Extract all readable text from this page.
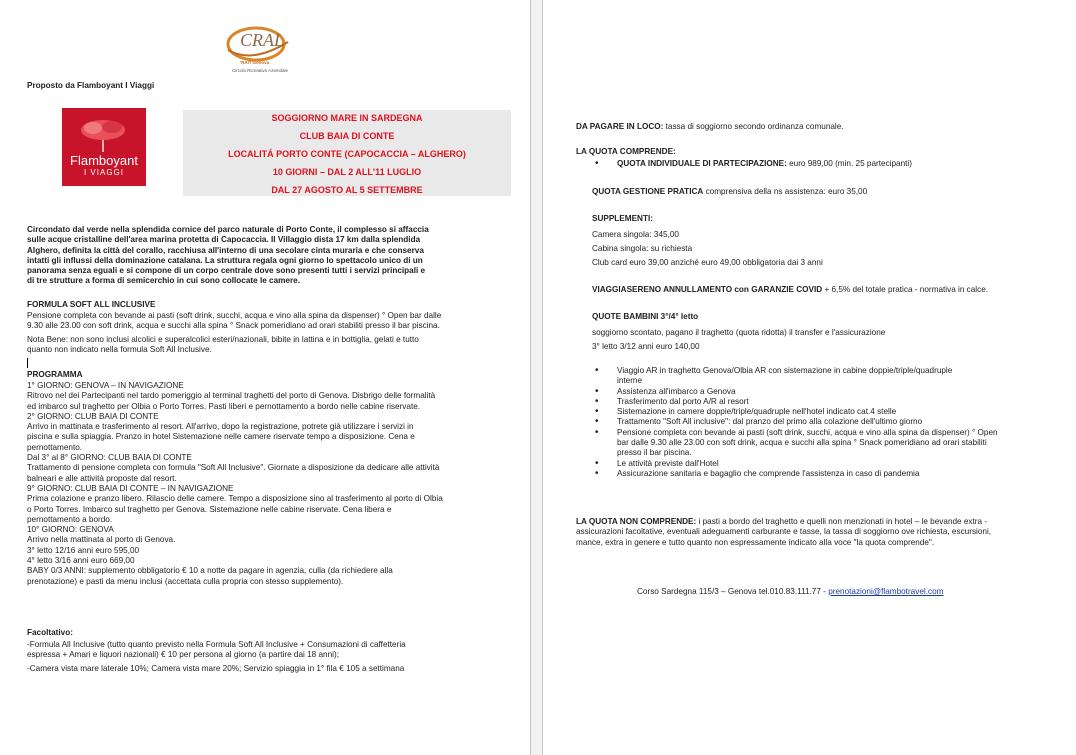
CRAL
'RAIT'Genova
Circolo Ricreativo Aziendale
Proposto da Flamboyant I Viaggi
Flamboyant
I VIAGGI
SOGGIORNO MARE IN SARDEGNA
CLUB BAIA DI CONTE
LOCALITÁ PORTO CONTE (CAPOCACCIA – ALGHERO)
10 GIORNI – DAL 2 ALL'11 LUGLIO
DAL 27 AGOSTO AL 5 SETTEMBRE
Circondato dal verde nella splendida cornice del parco naturale di Porto Conte, il complesso si affaccia
sulle acque cristalline dell'area marina protetta di Capocaccia. Il Villaggio dista 17 km dalla splendida
Alghero, definita la città del corallo, racchiusa all'interno di una secolare cinta muraria e che conserva
intatti gli influssi della dominazione catalana. La struttura regala ogni giorno lo spettacolo unico di un
panorama senza eguali e si compone di un corpo centrale dove sono presenti tutti i servizi principali e
di tre strutture a forma di semicerchio in cui sono collocate le camere.
FORMULA SOFT ALL INCLUSIVE
Pensione completa con bevande ai pasti (soft drink, succhi, acqua e vino alla spina da dispenser) ° Open bar dalle
9.30 alle 23.00 con soft drink, acqua e succhi alla spina ° Snack pomeridiano ad orari stabiliti presso il bar piscina.
Nota Bene: non sono inclusi alcolici e superalcolici esteri/nazionali, bibite in lattina e in bottiglia, gelati e tutto
quanto non indicato nella formula Soft All Inclusive.
PROGRAMMA
1° GIORNO: GENOVA – IN NAVIGAZIONE
Ritrovo nel dei Partecipanti nel tardo pomeriggio al terminal traghetti del porto di Genova. Disbrigo delle formalità
ed imbarco sul traghetto per Olbia o Porto Torres. Pasti liberi e pernottamento a bordo nelle cabine riservate.
2° GIORNO: CLUB BAIA DI CONTE
Arrivo in mattinata e trasferimento al resort. All'arrivo, dopo la registrazione, potrete già utilizzare i servizi in
piscina e sulla spiaggia. Pranzo in hotel Sistemazione nelle camere riservate tempo a disposizione. Cena e
pernottamento.
Dal 3° al 8° GIORNO: CLUB BAIA DI CONTE
Trattamento di pensione completa con formula "Soft All Inclusive". Giornate a disposizione da dedicare alle attività
balneari e alle attività proposte dal resort.
9° GIORNO: CLUB BAIA DI CONTE – IN NAVIGAZIONE
Prima colazione e pranzo libero. Rilascio delle camere. Tempo a disposizione sino al trasferimento al porto di Olbia
o Porto Torres. Imbarco sul traghetto per Genova. Sistemazione nelle cabine riservate. Cena libera e
pernottamento a bordo.
10° GIORNO: GENOVA
Arrivo nella mattinata al porto di Genova.
3° letto 12/16 anni euro 595,00
4° letto 3/16 anni euro 669,00
BABY 0/3 ANNI: supplemento obbligatorio € 10 a notte da pagare in agenzia, culla (da richiedere alla
prenotazione) e pasti da menu inclusi (accettata culla propria con stesso supplemento).
Facoltativo:
-Formula All Inclusive (tutto quanto previsto nella Formula Soft All Inclusive + Consumazioni di caffetteria
espressa + Amari e liquori nazionali) € 10 per persona al giorno (a partire dai 18 anni);
-Camera vista mare laterale 10%; Camera vista mare 20%; Servizio spiaggia in 1° fila € 105 a settimana
DA PAGARE IN LOCO: tassa di soggiorno secondo ordinanza comunale.
LA QUOTA COMPRENDE:
• QUOTA INDIVIDUALE DI PARTECIPAZIONE: euro 989,00 (min. 25 partecipanti)
QUOTA GESTIONE PRATICA comprensiva della ns assistenza: euro 35,00
SUPPLEMENTI:
Camera singola: 345,00
Cabina singola: su richiesta
Club card euro 39,00 anziché euro 49,00 obbligatoria dai 3 anni
VIAGGIASERENO ANNULLAMENTO con GARANZIE COVID + 6,5% del totale pratica - normativa in calce.
QUOTE BAMBINI 3°/4° letto
soggiorno scontato, pagano il traghetto (quota ridotta) il transfer e l'assicurazione
3° letto 3/12 anni euro 140,00
• Viaggio AR in traghetto Genova/Olbia AR con sistemazione in cabine doppie/triple/quadruple
interne
• Assistenza all'imbarco a Genova
• Trasferimento dal porto A/R al resort
• Sistemazione in camere doppie/triple/quadruple nell'hotel indicato cat.4 stelle
• Trattamento "Soft All inclusive": dal pranzo del primo alla colazione dell'ultimo giorno
• Pensione completa con bevande ai pasti (soft drink, succhi, acqua e vino alla spina da dispenser) ° Open
bar dalle 9.30 alle 23.00 con soft drink, acqua e succhi alla spina ° Snack pomeridiano ad orari stabiliti
presso il bar piscina.
• Le attività previste dall'Hotel
• Assicurazione sanitaria e bagaglio che comprende l'assistenza in caso di pandemia
LA QUOTA NON COMPRENDE: i pasti a bordo del traghetto e quelli non menzionati in hotel – le bevande extra -
assicurazioni facoltative, eventuali adeguamenti carburante e tasse, la tassa di soggiorno ove richiesta, escursioni,
mance, extra in genere e tutto quanto non espressamente indicato alla voce "la quota comprende".
Corso Sardegna 115/3 – Genova tel.010.83.111.77 - prenotazioni@flambotravel.com
